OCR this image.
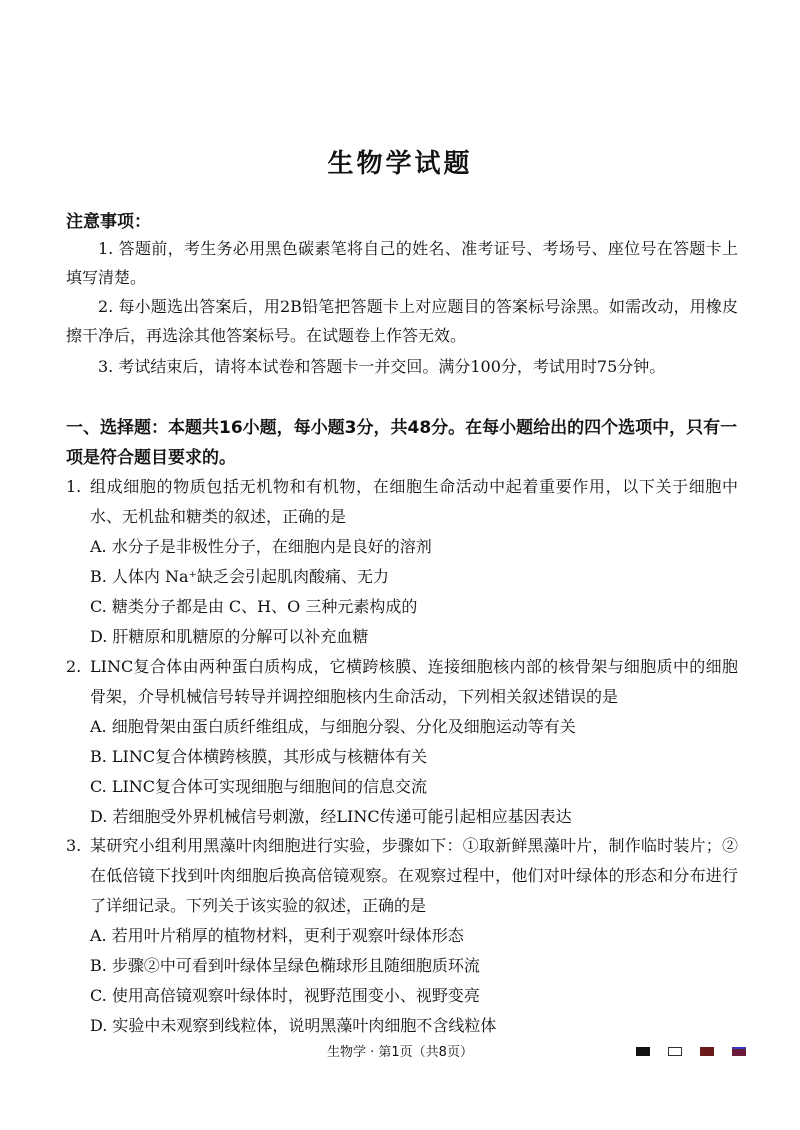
生物学试题
注意事项：

1. 答题前，考生务必用黑色碳素笔将自己的姓名、准考证号、考场号、座位号在答题卡上填写清楚。

2. 每小题选出答案后，用2B铅笔把答题卡上对应题目的答案标号涂黑。如需改动，用橡皮擦干净后，再选涂其他答案标号。在试题卷上作答无效。

3. 考试结束后，请将本试卷和答题卡一并交回。满分100分，考试用时75分钟。

一、选择题：本题共16小题，每小题3分，共48分。在每小题给出的四个选项中，只有一项是符合题目要求的。
1. 组成细胞的物质包括无机物和有机物，在细胞生命活动中起着重要作用，以下关于细胞中水、无机盐和糖类的叙述，正确的是
A. 水分子是非极性分子，在细胞内是良好的溶剂
B. 人体内 Na⁺缺乏会引起肌肉酸痛、无力
C. 糖类分子都是由 C、H、O 三种元素构成的
D. 肝糖原和肌糖原的分解可以补充血糖
2. LINC复合体由两种蛋白质构成，它横跨核膜、连接细胞核内部的核骨架与细胞质中的细胞骨架，介导机械信号转导并调控细胞核内生命活动，下列相关叙述错误的是
A. 细胞骨架由蛋白质纤维组成，与细胞分裂、分化及细胞运动等有关
B. LINC复合体横跨核膜，其形成与核糖体有关
C. LINC复合体可实现细胞与细胞间的信息交流
D. 若细胞受外界机械信号刺激，经LINC传递可能引起相应基因表达
3. 某研究小组利用黑藻叶肉细胞进行实验，步骤如下：①取新鲜黑藻叶片，制作临时装片；②在低倍镜下找到叶肉细胞后换高倍镜观察。在观察过程中，他们对叶绿体的形态和分布进行了详细记录。下列关于该实验的叙述，正确的是
A. 若用叶片稍厚的植物材料，更利于观察叶绿体形态
B. 步骤②中可看到叶绿体呈绿色椭球形且随细胞质环流
C. 使用高倍镜观察叶绿体时，视野范围变小、视野变亮
D. 实验中未观察到线粒体，说明黑藻叶肉细胞不含线粒体
生物学 · 第1页（共8页）
